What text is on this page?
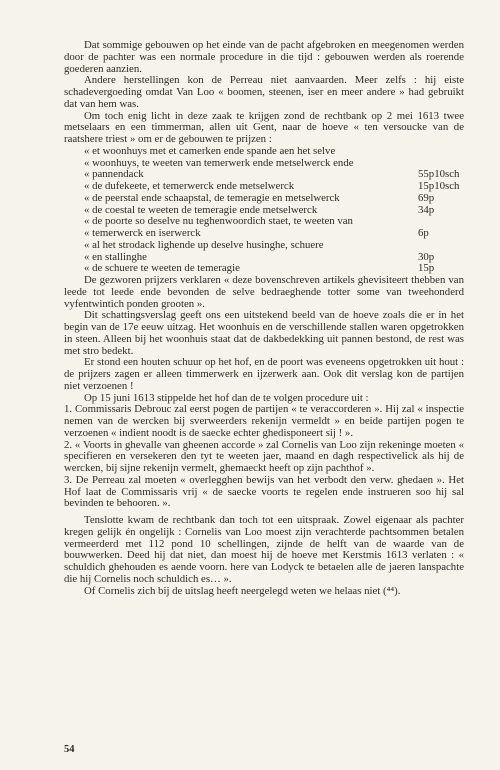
Dat sommige gebouwen op het einde van de pacht afgebroken en meegenomen werden door de pachter was een normale procedure in die tijd : gebouwen werden als roerende goederen aanzien.

Andere herstellingen kon de Perreau niet aanvaarden. Meer zelfs : hij eiste schadevergoeding omdat Van Loo « boomen, steenen, iser en meer andere » had gebruikt dat van hem was.

Om toch enig licht in deze zaak te krijgen zond de rechtbank op 2 mei 1613 twee metselaars en een timmerman, allen uit Gent, naar de hoeve « ten versoucke van de raatshere triest » om er de gebouwen te prijzen :

« et woonhuys met et camerken ende spande aen het selve
« woonhuys, te weeten van temerwerk ende metselwerck ende
« pannendack	55p10sch
« de dufekeete, et temerwerck ende metselwerck	15p10sch
« de peerstal ende schaapstal, de temeragie en metselwerck	69p
« de coestal te weeten de temeragie ende metselwerck	34p
« de poorte so deselve nu teghenwoordich staet, te weeten van
« temerwerck en iserwerck	6p
« al het strodack lighende up deselve husinghe, schuere
« en stallinghe	30p
« de schuere te weeten de temeragie	15p

De gezworen prijzers verklaren « deze bovenschreven artikels ghevisiteert thebben van leede tot leede ende bevonden de selve bedraeghende totter some van tweehonderd vyfentwintich ponden grooten ».

Dit schattingsverslag geeft ons een uitstekend beeld van de hoeve zoals die er in het begin van de 17e eeuw uitzag. Het woonhuis en de verschillende stallen waren opgetrokken in steen. Alleen bij het woonhuis staat dat de dakbedekking uit pannen bestond, de rest was met stro bedekt.

Er stond een houten schuur op het hof, en de poort was eveneens opgetrokken uit hout : de prijzers zagen er alleen timmerwerk en ijzerwerk aan. Ook dit verslag kon de partijen niet verzoenen !

Op 15 juni 1613 stippelde het hof dan de te volgen procedure uit :

1. Commissaris Debrouc zal eerst pogen de partijen « te veraccorderen ». Hij zal « inspectie nemen van de wercken bij sverweerders rekenijn vermeldt » en beide partijen pogen te verzoenen « indient noodt is de saecke echter ghedisponeert sij ! ».

2. « Voorts in ghevalle van gheenen accorde » zal Cornelis van Loo zijn rekeninge moeten « specifieren en versekeren den tyt te weeten jaer, maand en dagh respectivelick als hij de wercken, bij sijne rekenijn vermelt, ghemaeckt heeft op zijn pachthof ».

3. De Perreau zal moeten « overlegghen bewijs van het verbodt den verw. ghedaen ». Het Hof laat de Commissaris vrij « de saecke voorts te regelen ende instrueren soo hij sal bevinden te behooren. ».

Tenslotte kwam de rechtbank dan toch tot een uitspraak. Zowel eigenaar als pachter kregen gelijk én ongelijk : Cornelis van Loo moest zijn verachterde pachtsommen betalen vermeerderd met 112 pond 10 schellingen, zijnde de helft van de waarde van de bouwwerken. Deed hij dat niet, dan moest hij de hoeve met Kerstmis 1613 verlaten : « schuldich ghehouden es aende voorn. here van Lodyck te betaelen alle de jaeren lanspachte die hij Cornelis noch schuldich es… ».

Of Cornelis zich bij de uitslag heeft neergelegd weten we helaas niet (⁴⁴).

54
